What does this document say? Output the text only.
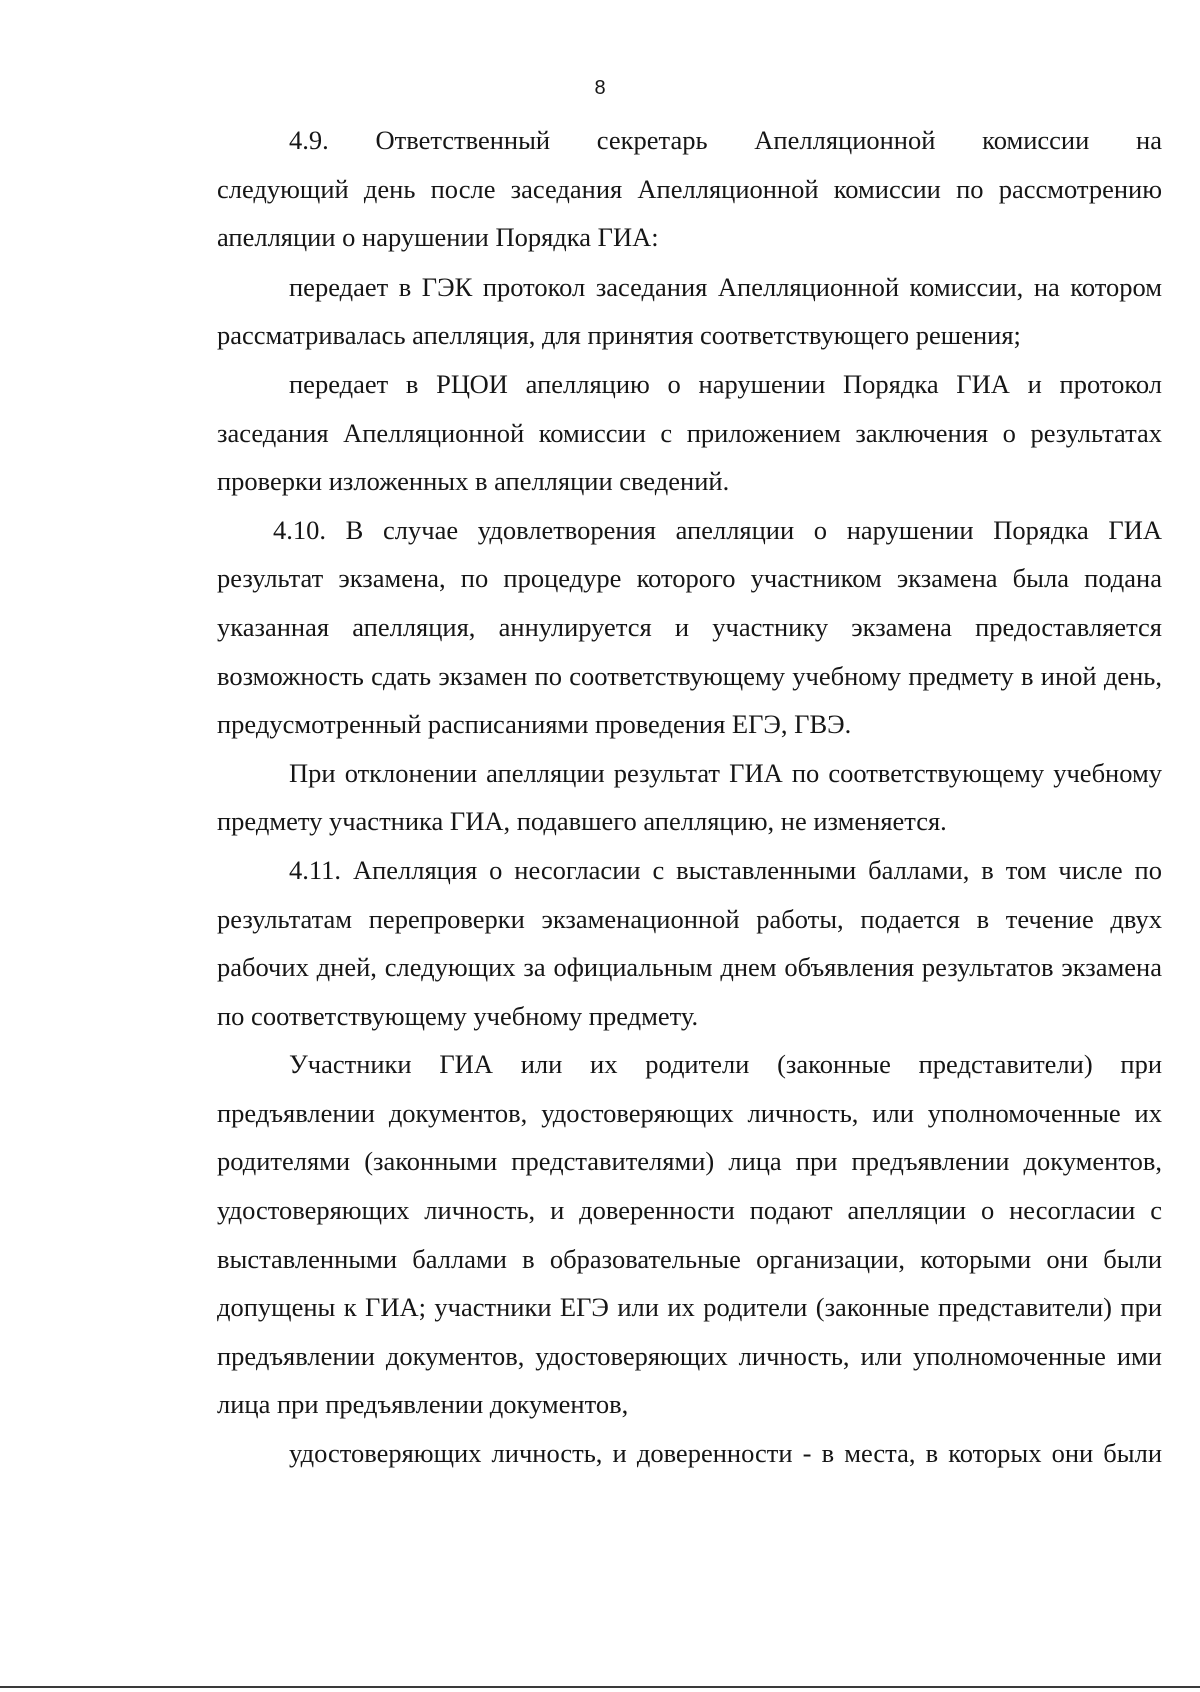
8

4.9. Ответственный секретарь Апелляционной комиссии на
следующий день после заседания Апелляционной комиссии по рассмотрению апелляции о нарушении Порядка ГИА:

передает в ГЭК протокол заседания Апелляционной комиссии, на котором рассматривалась апелляция, для принятия соответствующего решения;

передает в РЦОИ апелляцию о нарушении Порядка ГИА и протокол заседания Апелляционной комиссии с приложением заключения о результатах проверки изложенных в апелляции сведений.

4.10. В случае удовлетворения апелляции о нарушении Порядка ГИА результат экзамена, по процедуре которого участником экзамена была подана указанная апелляция, аннулируется и участнику экзамена предоставляется возможность сдать экзамен по соответствующему учебному предмету в иной день, предусмотренный расписаниями проведения ЕГЭ, ГВЭ.

При отклонении апелляции результат ГИА по соответствующему учебному предмету участника ГИА, подавшего апелляцию, не изменяется.

4.11. Апелляция о несогласии с выставленными баллами, в том числе по результатам перепроверки экзаменационной работы, подается в течение двух рабочих дней, следующих за официальным днем объявления результатов экзамена по соответствующему учебному предмету.

Участники ГИА или их родители (законные представители) при предъявлении документов, удостоверяющих личность, или уполномоченные их родителями (законными представителями) лица при предъявлении документов, удостоверяющих личность, и доверенности подают апелляции о несогласии с выставленными баллами в образовательные организации, которыми они были допущены к ГИА; участники ЕГЭ или их родители (законные представители) при предъявлении документов, удостоверяющих личность, или уполномоченные ими лица при предъявлении документов,
удостоверяющих личность, и доверенности - в места, в которых они были
